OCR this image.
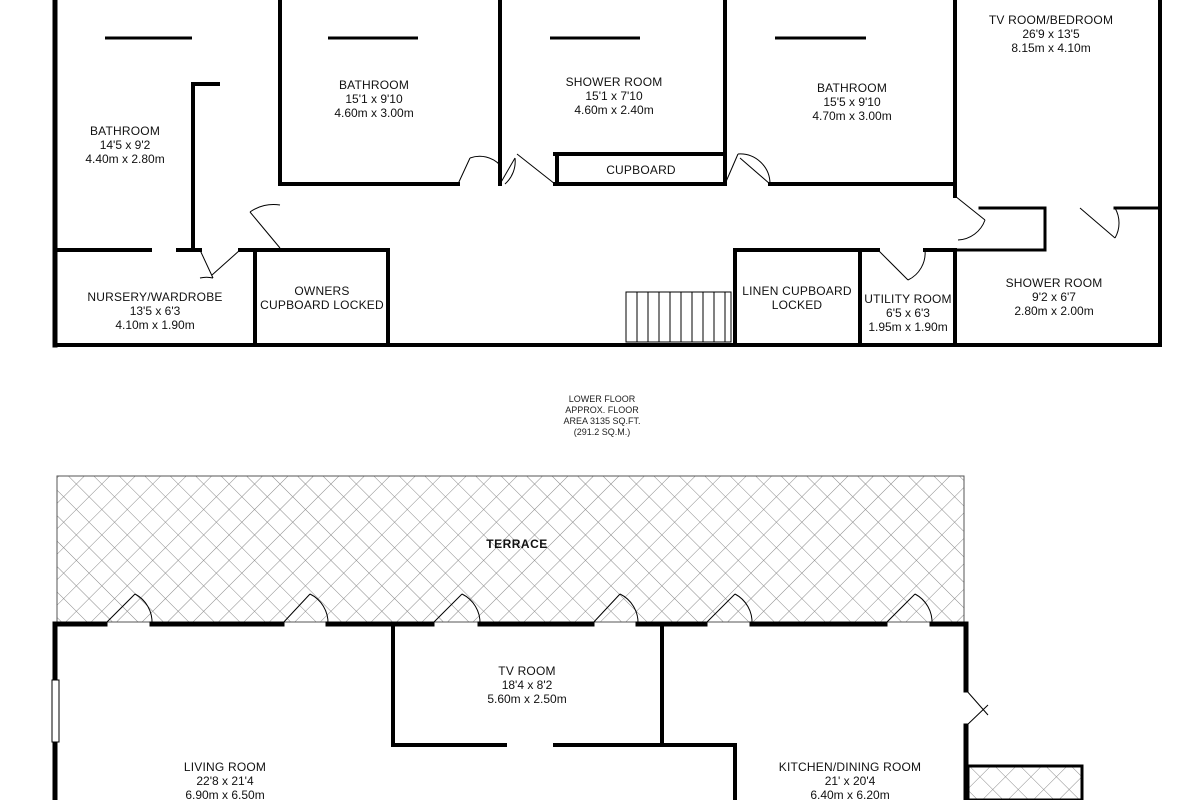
BATHROOM
14'5 x 9'2
4.40m x 2.80m
BATHROOM
15'1 x 9'10
4.60m x 3.00m
SHOWER ROOM
15'1 x 7'10
4.60m x 2.40m
BATHROOM
15'5 x 9'10
4.70m x 3.00m
TV ROOM/BEDROOM
26'9 x 13'5
8.15m x 4.10m
NURSERY/WARDROBE
13'5 x 6'3
4.10m x 1.90m
UTILITY ROOM
6'5 x 6'3
1.95m x 1.90m
SHOWER ROOM
9'2 x 6'7
2.80m x 2.00m
CUPBOARD
OWNERS
CUPBOARD LOCKED
LINEN CUPBOARD
LOCKED
LOWER FLOOR
APPROX. FLOOR
AREA 3135 SQ.FT.
(291.2 SQ.M.)
TERRACE
TV ROOM
18'4 x 8'2
5.60m x 2.50m
LIVING ROOM
22'8 x 21'4
6.90m x 6.50m
KITCHEN/DINING ROOM
21' x 20'4
6.40m x 6.20m
